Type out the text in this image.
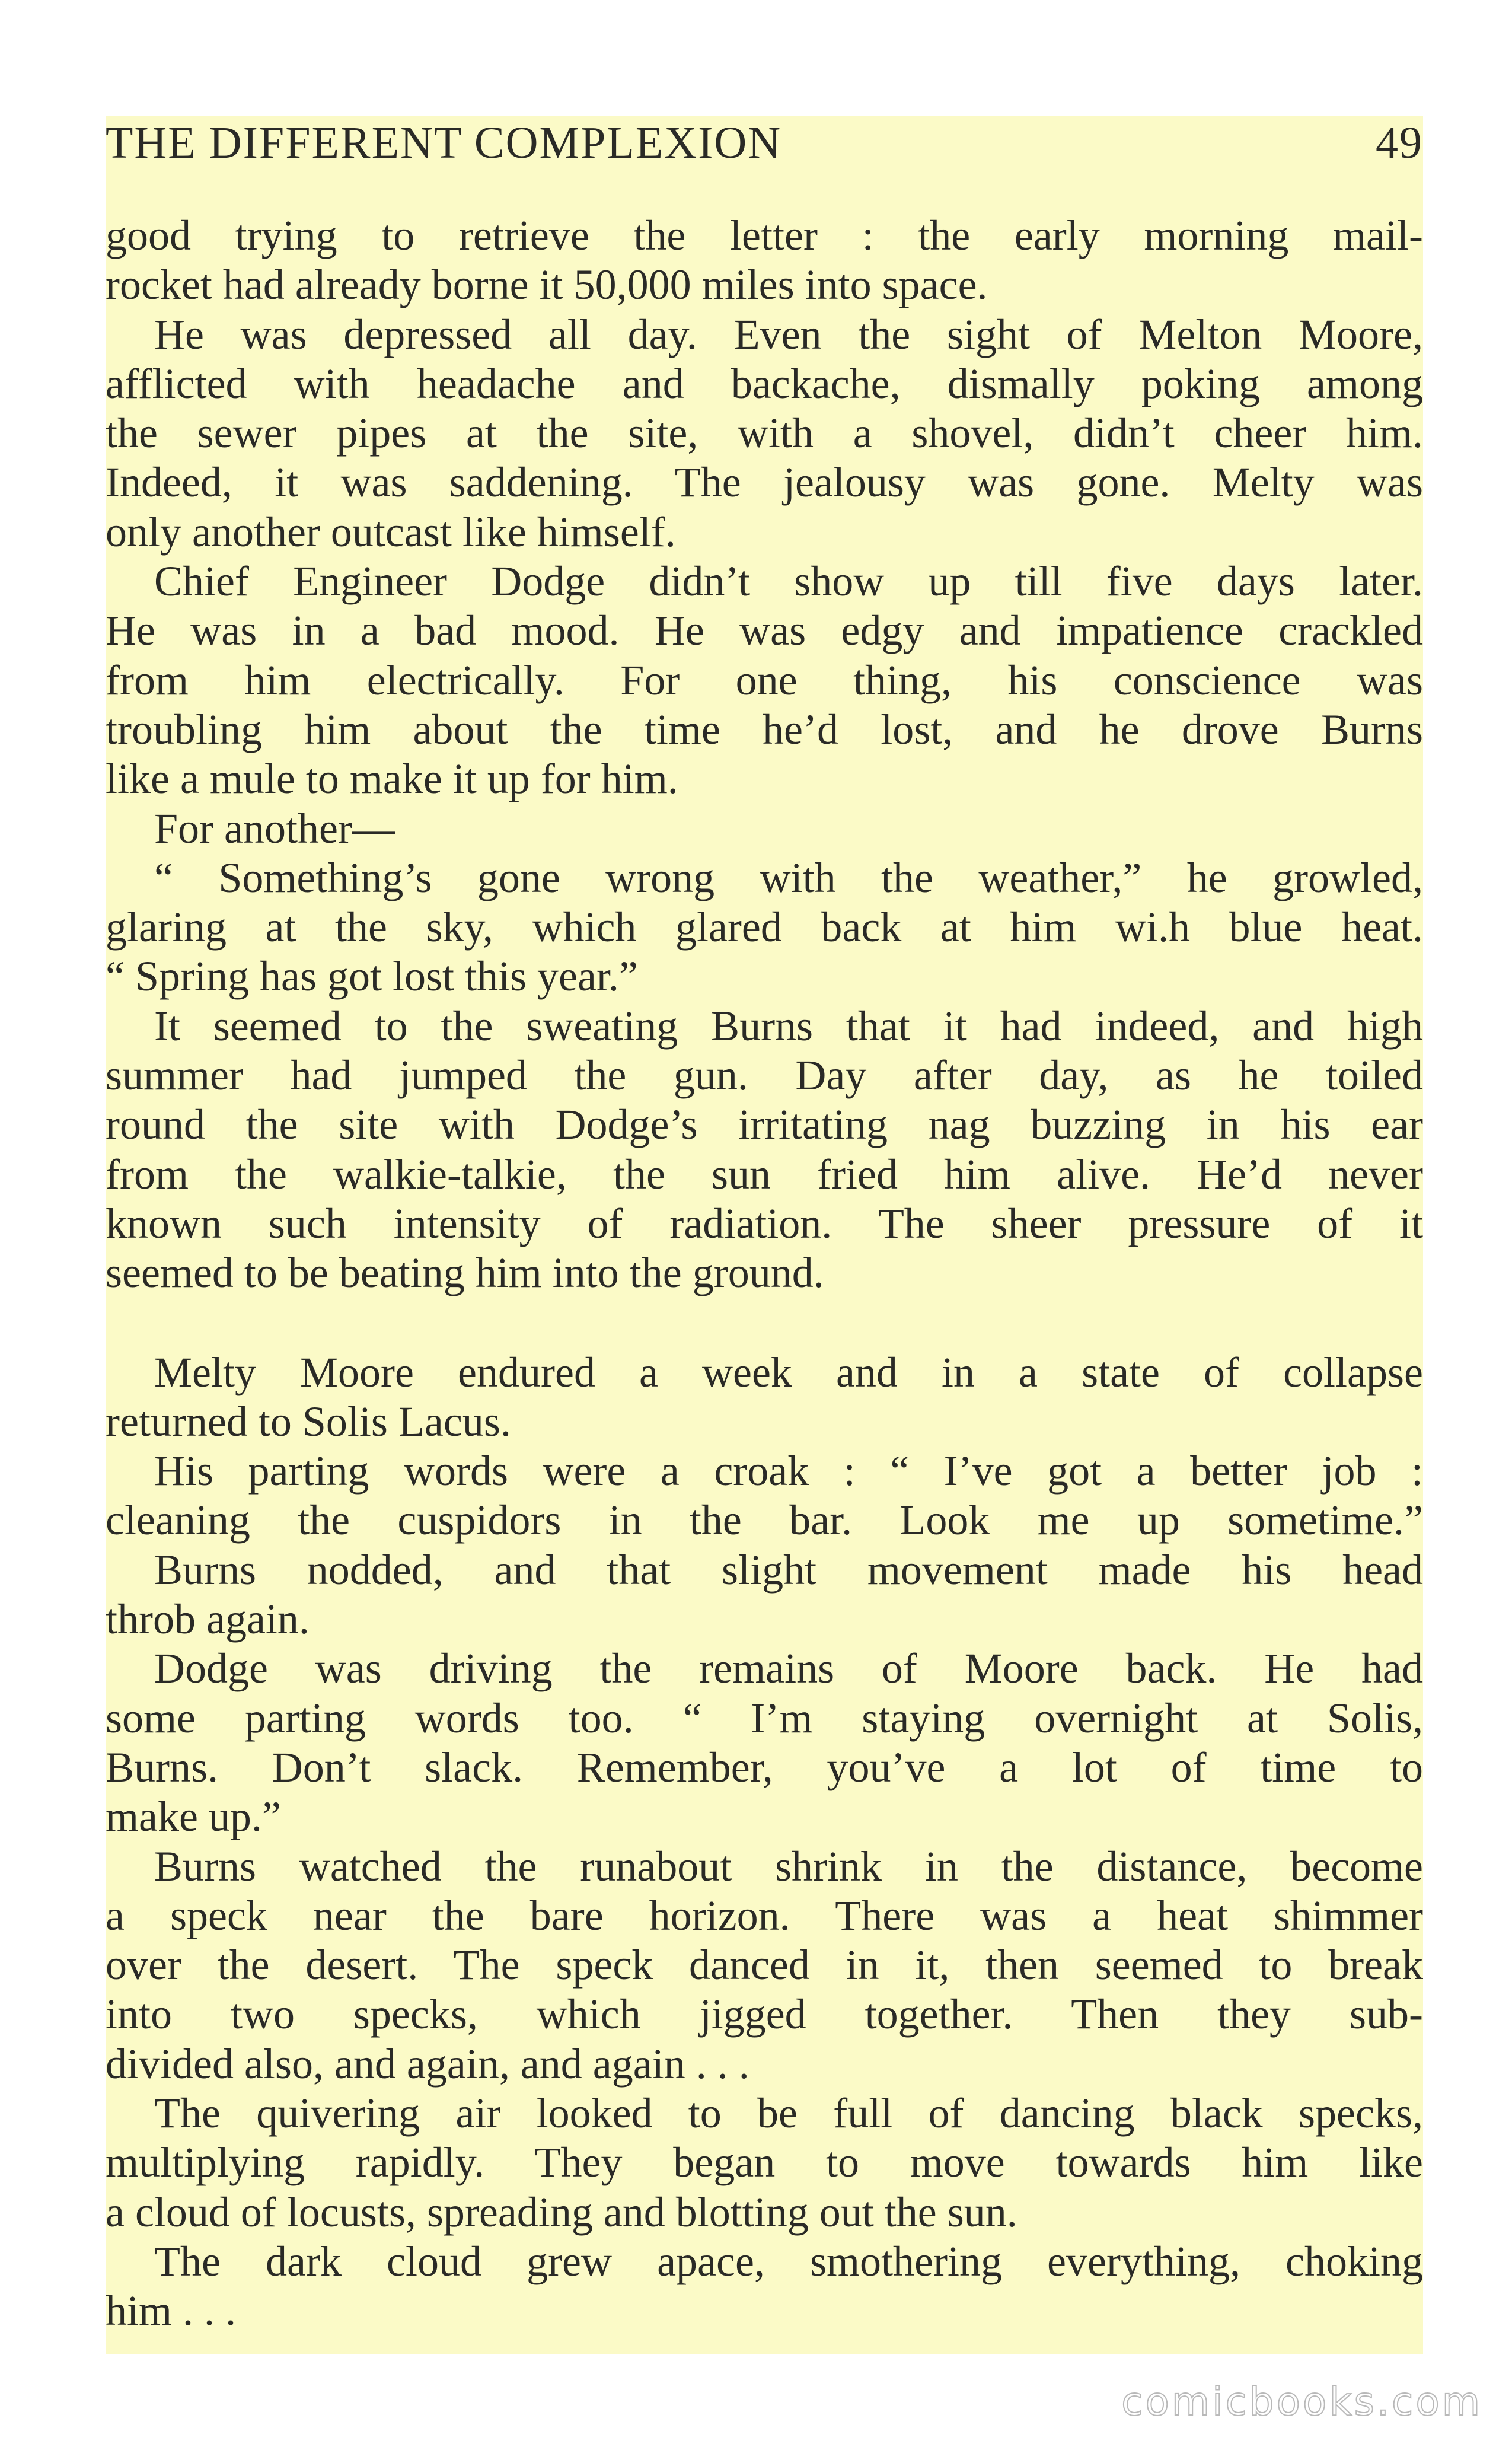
THE DIFFERENT COMPLEXION	49
good trying to retrieve the letter : the early morning mail-
rocket had already borne it 50,000 miles into space.
He was depressed all day. Even the sight of Melton Moore,
afflicted with headache and backache, dismally poking among
the sewer pipes at the site, with a shovel, didn’t cheer him.
Indeed, it was saddening. The jealousy was gone. Melty was
only another outcast like himself.
Chief Engineer Dodge didn’t show up till five days later.
He was in a bad mood. He was edgy and impatience crackled
from him electrically. For one thing, his conscience was
troubling him about the time he’d lost, and he drove Burns
like a mule to make it up for him.
For another—
“ Something’s gone wrong with the weather,” he growled,
glaring at the sky, which glared back at him wi.h blue heat.
“ Spring has got lost this year.”
It seemed to the sweating Burns that it had indeed, and high
summer had jumped the gun. Day after day, as he toiled
round the site with Dodge’s irritating nag buzzing in his ear
from the walkie-talkie, the sun fried him alive. He’d never
known such intensity of radiation. The sheer pressure of it
seemed to be beating him into the ground.
Melty Moore endured a week and in a state of collapse
returned to Solis Lacus.
His parting words were a croak : “ I’ve got a better job :
cleaning the cuspidors in the bar. Look me up sometime.”
Burns nodded, and that slight movement made his head
throb again.
Dodge was driving the remains of Moore back. He had
some parting words too. “ I’m staying overnight at Solis,
Burns. Don’t slack. Remember, you’ve a lot of time to
make up.”
Burns watched the runabout shrink in the distance, become
a speck near the bare horizon. There was a heat shimmer
over the desert. The speck danced in it, then seemed to break
into two specks, which jigged together. Then they sub-
divided also, and again, and again . . .
The quivering air looked to be full of dancing black specks,
multiplying rapidly. They began to move towards him like
a cloud of locusts, spreading and blotting out the sun.
The dark cloud grew apace, smothering everything, choking
him . . .
comicbooks.com
